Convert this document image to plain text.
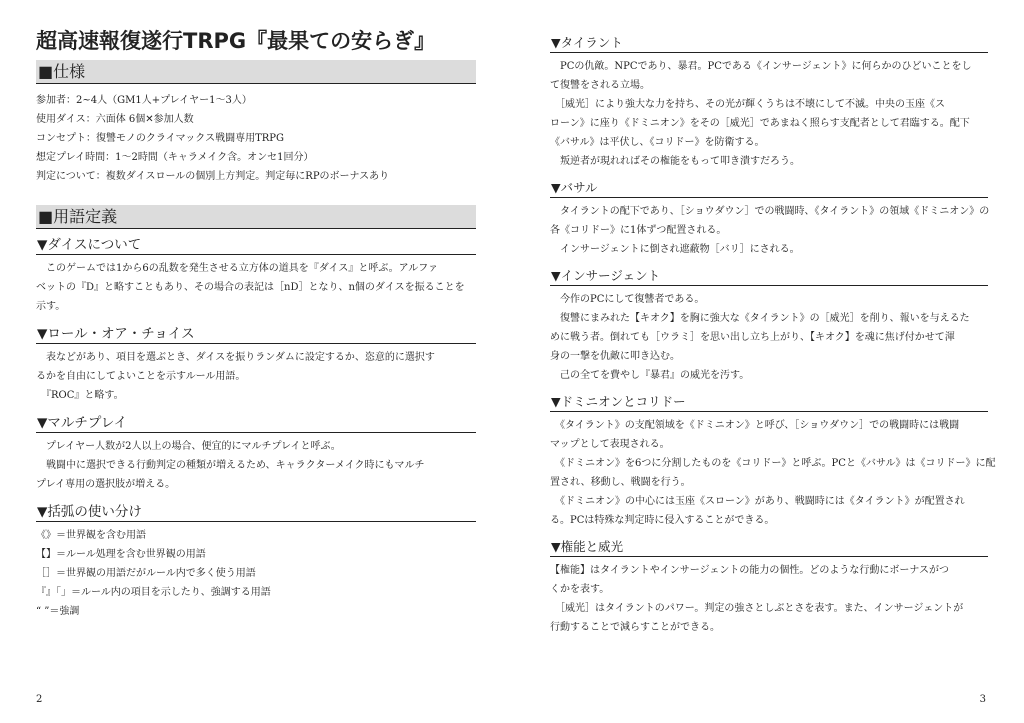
超高速報復遂行TRPG『最果ての安らぎ』
■仕様

参加者：2~4人（GM1人+プレイヤー1～3人）

使用ダイス：六面体 6個✕参加人数

コンセプト：復讐モノのクライマックス戦闘専用TRPG

想定プレイ時間：1～2時間（キャラメイク含。オンセ1回分）

判定について：複数ダイスロールの個別上方判定。判定毎にRPのボーナスあり

■用語定義
▼ダイスについて

　このゲームでは1から6の乱数を発生させる立方体の道具を『ダイス』と呼ぶ。アルファ

ベットの『D』と略すこともあり、その場合の表記は［nD］となり、n個のダイスを振ることを

示す。

▼ロール・オア・チョイス

　表などがあり、項目を選ぶとき、ダイスを振りランダムに設定するか、恣意的に選択す

るかを自由にしてよいことを示すルール用語。

　『ROC』と略す。

▼マルチプレイ

　プレイヤー人数が2人以上の場合、便宜的にマルチプレイと呼ぶ。

　戦闘中に選択できる行動判定の種類が増えるため、キャラクターメイク時にもマルチ

プレイ専用の選択肢が増える。

▼括弧の使い分け

《》＝世界観を含む用語

【】＝ルール処理を含む世界観の用語

［］＝世界観の用語だがルール内で多く使う用語

『』「」＝ルール内の項目を示したり、強調する用語

“ ”＝強調

2
▼タイラント

　PCの仇敵。NPCであり、暴君。PCである《インサージェント》に何らかのひどいことをし

て復讐をされる立場。

　［威光］により強大な力を持ち、その光が輝くうちは不壊にして不滅。中央の玉座《ス

ローン》に座り《ドミニオン》をその［威光］であまねく照らす支配者として君臨する。配下

《バサル》は平伏し、《コリドー》を防衛する。

　叛逆者が現れればその権能をもって叩き潰すだろう。

▼バサル

　タイラントの配下であり、［ショウダウン］での戦闘時、《タイラント》の領域《ドミニオン》の

各《コリドー》に1体ずつ配置される。

　インサージェントに倒され遮蔽物［バリ］にされる。

▼インサージェント

　今作のPCにして復讐者である。

　復讐にまみれた【キオク】を胸に強大な《タイラント》の［威光］を削り、報いを与えるた

めに戦う者。倒れても［ウラミ］を思い出し立ち上がり、【キオク】を魂に焦げ付かせて渾

身の一撃を仇敵に叩き込む。

　己の全てを費やし『暴君』の威光を汚す。

▼ドミニオンとコリドー

　《タイラント》の支配領域を《ドミニオン》と呼び、［ショウダウン］での戦闘時には戦闘

マップとして表現される。

　《ドミニオン》を6つに分割したものを《コリドー》と呼ぶ。PCと《バサル》は《コリドー》に配

置され、移動し、戦闘を行う。

　《ドミニオン》の中心には玉座《スローン》があり、戦闘時には《タイラント》が配置され

る。PCは特殊な判定時に侵入することができる。

▼権能と威光

【権能】はタイラントやインサージェントの能力の個性。どのような行動にボーナスがつ

くかを表す。

　［威光］はタイラントのパワー。判定の強さとしぶとさを表す。また、インサージェントが

行動することで減らすことができる。

3
